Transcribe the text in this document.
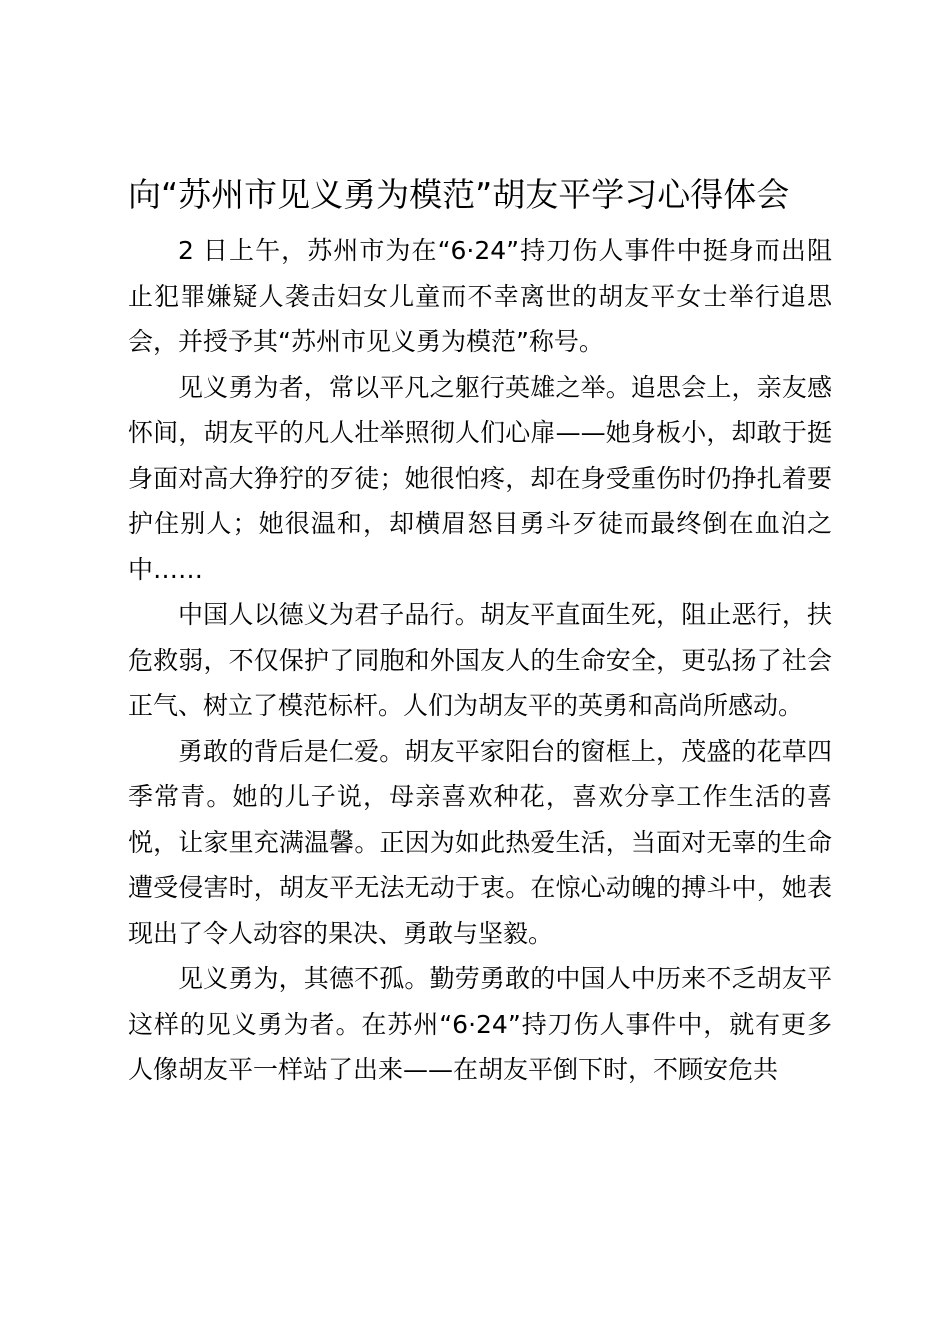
向“苏州市见义勇为模范”胡友平学习心得体会

2 日上午，苏州市为在“6·24”持刀伤人事件中挺身而出阻止犯罪嫌疑人袭击妇女儿童而不幸离世的胡友平女士举行追思会，并授予其“苏州市见义勇为模范”称号。

见义勇为者，常以平凡之躯行英雄之举。追思会上，亲友感怀间，胡友平的凡人壮举照彻人们心扉——她身板小，却敢于挺身面对高大狰狞的歹徒；她很怕疼，却在身受重伤时仍挣扎着要护住别人；她很温和，却横眉怒目勇斗歹徒而最终倒在血泊之中……

中国人以德义为君子品行。胡友平直面生死，阻止恶行，扶危救弱，不仅保护了同胞和外国友人的生命安全，更弘扬了社会正气、树立了模范标杆。人们为胡友平的英勇和高尚所感动。

勇敢的背后是仁爱。胡友平家阳台的窗框上，茂盛的花草四季常青。她的儿子说，母亲喜欢种花，喜欢分享工作生活的喜悦，让家里充满温馨。正因为如此热爱生活，当面对无辜的生命遭受侵害时，胡友平无法无动于衷。在惊心动魄的搏斗中，她表现出了令人动容的果决、勇敢与坚毅。

见义勇为，其德不孤。勤劳勇敢的中国人中历来不乏胡友平这样的见义勇为者。在苏州“6·24”持刀伤人事件中，就有更多人像胡友平一样站了出来——在胡友平倒下时，不顾安危共
